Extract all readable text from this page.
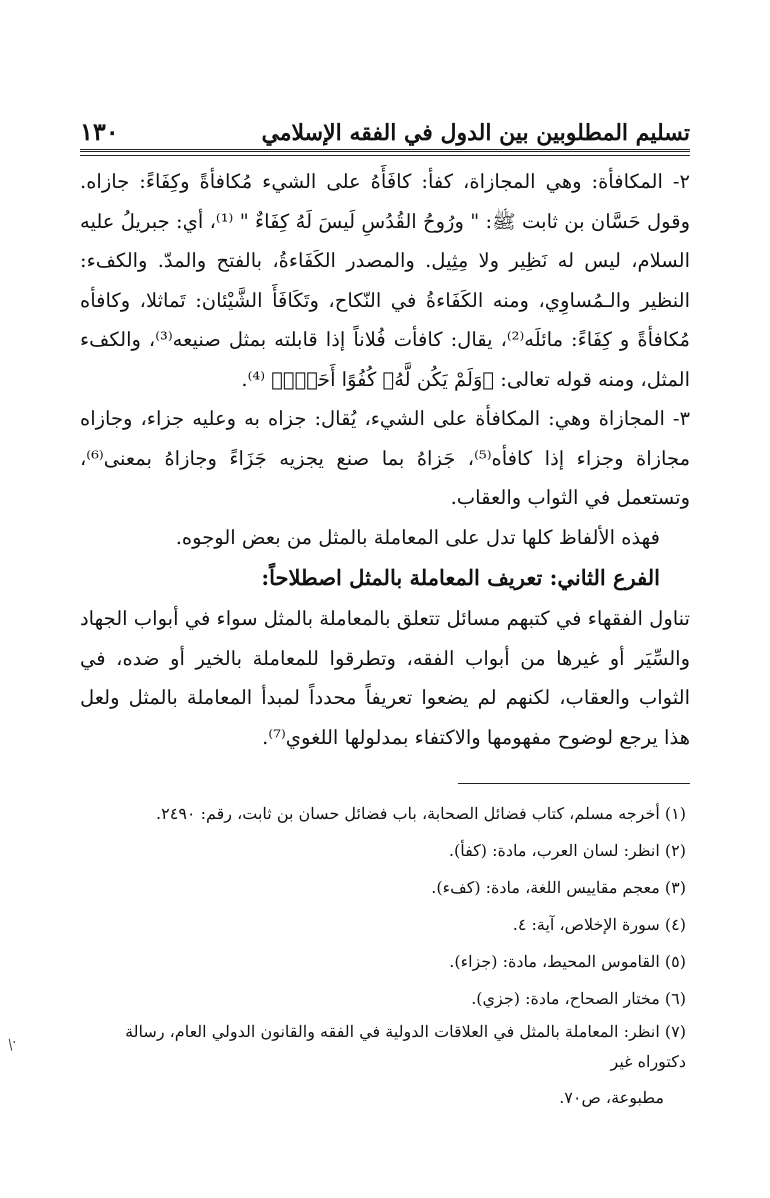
تسليم المطلوبين بين الدول في الفقه الإسلامي
١٣٠

٢- المكافأة: وهي المجازاة، كفأ: كافَأَهُ على الشيء مُكافأةً وكِفَاءً: جازاه. وقول حَسَّان بن ثابت ﷺ: " ورُوحُ القُدُسِ لَيسَ لَهُ كِفَاءٌ " ⁽¹⁾، أي: جبريلُ عليه السلام، ليس له نَظِير ولا مِثِيل. والمصدر الكَفَاءةُ، بالفتح والمدّ. والكفء: النظير والـمُساوِي، ومنه الكَفَاءةُ في النّكاح، وتَكَافَأَ الشَّيْئان: تَماثلا، وكافأه مُكافأةً و كِفَاءً: مائلَه⁽²⁾، يقال: كافأت فُلاناً إذا قابلته بمثل صنيعه⁽³⁾، والكفء المثل، ومنه قوله تعالى: ﴿وَلَمْ يَكُن لَّهُۥ كُفُوًا أَحَدٌۢ﴾ ⁽⁴⁾.

٣- المجازاة وهي: المكافأة على الشيء، يُقال: جزاه به وعليه جزاء، وجازاه مجازاة وجزاء إذا كافأه⁽⁵⁾، جَزاهُ بما صنع يجزيه جَزَاءً وجازاهُ بمعنى⁽⁶⁾، وتستعمل في الثواب والعقاب.

فهذه الألفاظ كلها تدل على المعاملة بالمثل من بعض الوجوه.

الفرع الثاني: تعريف المعاملة بالمثل اصطلاحاً:

تناول الفقهاء في كتبهم مسائل تتعلق بالمعاملة بالمثل سواء في أبواب الجهاد والسِّيَر أو غيرها من أبواب الفقه، وتطرقوا للمعاملة بالخير أو ضده، في الثواب والعقاب، لكنهم لم يضعوا تعريفاً محدداً لمبدأ المعاملة بالمثل ولعل هذا يرجع لوضوح مفهومها والاكتفاء بمدلولها اللغوي⁽⁷⁾.

(١) أخرجه مسلم، كتاب فضائل الصحابة، باب فضائل حسان بن ثابت، رقم: ٢٤٩٠.

(٢) انظر: لسان العرب، مادة: (كفأ).

(٣) معجم مقاييس اللغة، مادة: (كفء).

(٤) سورة الإخلاص، آية: ٤.

(٥) القاموس المحيط، مادة: (جزاء).

(٦) مختار الصحاح، مادة: (جزي).

(٧) انظر: المعاملة بالمثل في العلاقات الدولية في الفقه والقانون الدولي العام، رسالة دكتوراه غير
مطبوعة، ص٧٠.

·/
